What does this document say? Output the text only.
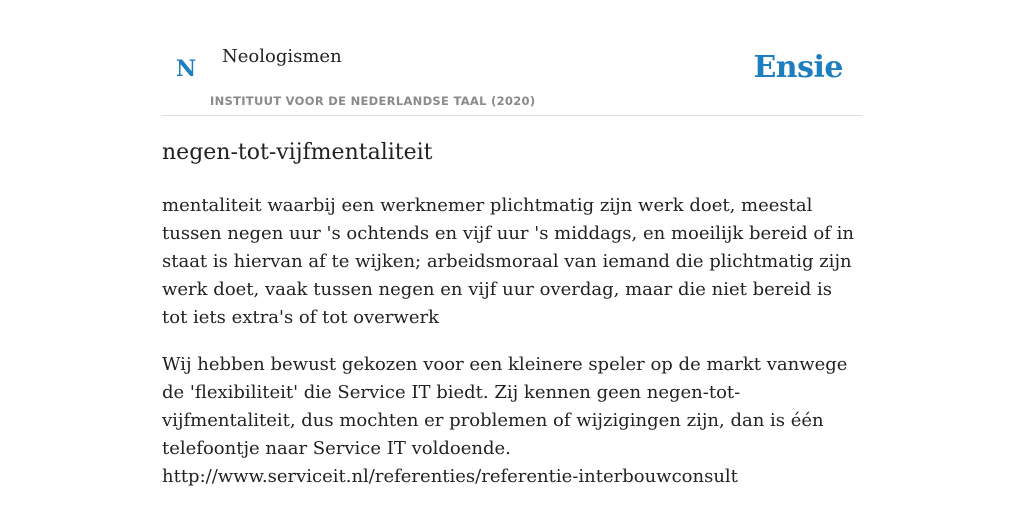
N Neologismen
INSTITUUT VOOR DE NEDERLANDSE TAAL (2020)
Ensie
negen-tot-vijfmentaliteit

mentaliteit waarbij een werknemer plichtmatig zijn werk doet, meestal tussen negen uur 's ochtends en vijf uur 's middags, en moeilijk bereid of in staat is hiervan af te wijken; arbeidsmoraal van iemand die plichtmatig zijn werk doet, vaak tussen negen en vijf uur overdag, maar die niet bereid is tot iets extra's of tot overwerk

Wij hebben bewust gekozen voor een kleinere speler op de markt vanwege de 'flexibiliteit' die Service IT biedt. Zij kennen geen negen-tot-vijfmentaliteit, dus mochten er problemen of wijzigingen zijn, dan is één telefoontje naar Service IT voldoende.
http://www.serviceit.nl/referenties/referentie-interbouwconsult
